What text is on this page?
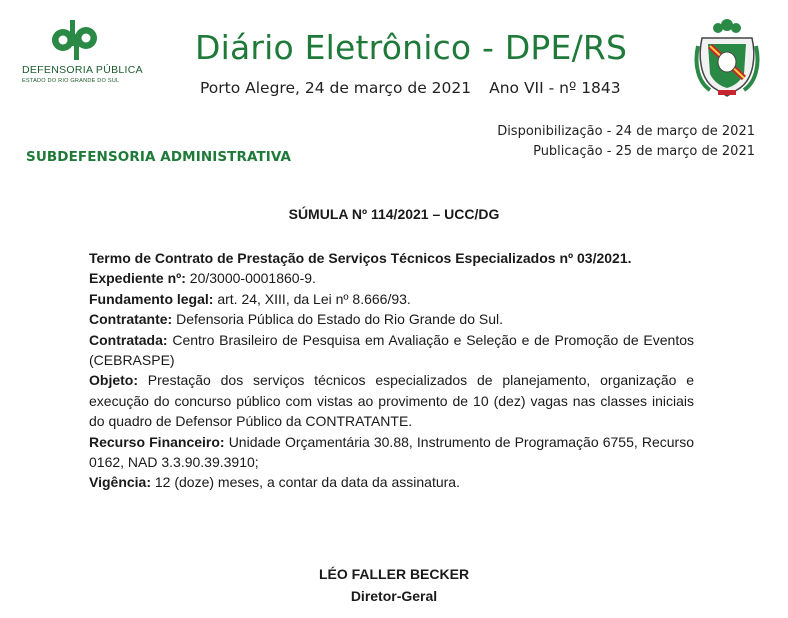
DEFENSORIA PÚBLICA
ESTADO DO RIO GRANDE DO SUL
Diário Eletrônico - DPE/RS
Porto Alegre, 24 de março de 2021 Ano VII - nº 1843
Disponibilização - 24 de março de 2021
Publicação - 25 de março de 2021
SUBDEFENSORIA ADMINISTRATIVA
SÚMULA Nº 114/2021 – UCC/DG

Termo de Contrato de Prestação de Serviços Técnicos Especializados nº 03/2021.

Expediente nº: 20/3000-0001860-9.

Fundamento legal: art. 24, XIII, da Lei nº 8.666/93.

Contratante: Defensoria Pública do Estado do Rio Grande do Sul.

Contratada: Centro Brasileiro de Pesquisa em Avaliação e Seleção e de Promoção de Eventos (CEBRASPE)

Objeto: Prestação dos serviços técnicos especializados de planejamento, organização e execução do concurso público com vistas ao provimento de 10 (dez) vagas nas classes iniciais do quadro de Defensor Público da CONTRATANTE.

Recurso Financeiro: Unidade Orçamentária 30.88, Instrumento de Programação 6755, Recurso 0162, NAD 3.3.90.39.3910;

Vigência: 12 (doze) meses, a contar da data da assinatura.

LÉO FALLER BECKER
Diretor-Geral
